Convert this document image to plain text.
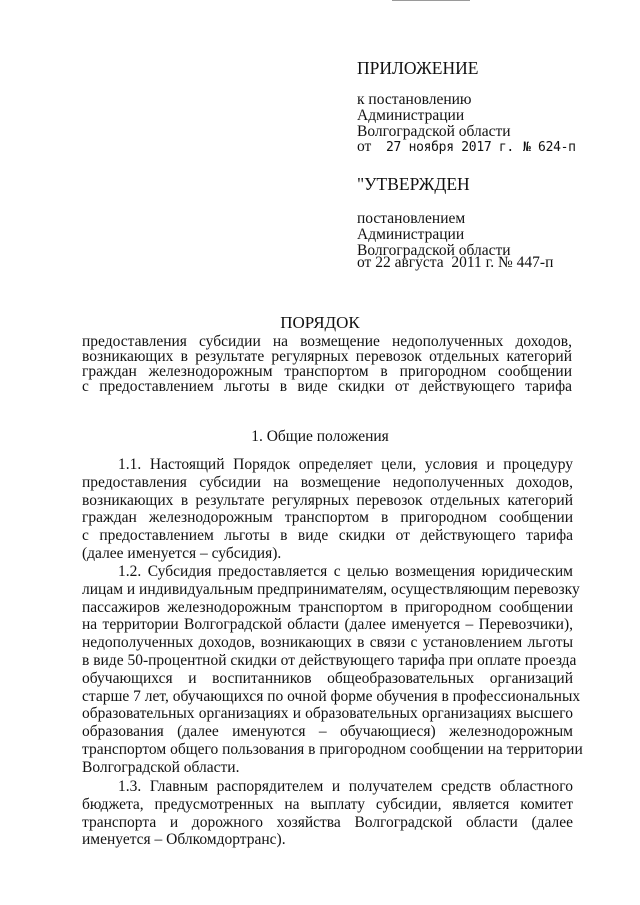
ПРИЛОЖЕНИЕ
к постановлению
Администрации
Волгоградской области
от 27 ноября 2017 г. № 624-п
"УТВЕРЖДЕН
постановлением
Администрации
Волгоградской области
от 22 августа  2011 г. № 447-п
ПОРЯДОК
предоставления субсидии на возмещение недополученных доходов,
возникающих в результате регулярных перевозок отдельных категорий
граждан железнодорожным транспортом в пригородном сообщении
с предоставлением льготы в виде скидки от действующего тарифа
1. Общие положения
1.1. Настоящий Порядок определяет цели, условия и процедуру
предоставления субсидии на возмещение недополученных доходов,
возникающих в результате регулярных перевозок отдельных категорий
граждан железнодорожным транспортом в пригородном сообщении
с предоставлением льготы в виде скидки от действующего тарифа
(далее именуется – субсидия).
1.2. Субсидия предоставляется с целью возмещения юридическим
лицам и индивидуальным предпринимателям, осуществляющим перевозку
пассажиров железнодорожным транспортом в пригородном сообщении
на территории Волгоградской области (далее именуется – Перевозчики),
недополученных доходов, возникающих в связи с установлением льготы
в виде 50-процентной скидки от действующего тарифа при оплате проезда
обучающихся и воспитанников общеобразовательных организаций
старше 7 лет, обучающихся по очной форме обучения в профессиональных
образовательных организациях и образовательных организациях высшего
образования (далее именуются – обучающиеся) железнодорожным
транспортом общего пользования в пригородном сообщении на территории
Волгоградской области.
1.3. Главным распорядителем и получателем средств областного
бюджета, предусмотренных на выплату субсидии, является комитет
транспорта и дорожного хозяйства Волгоградской области (далее
именуется – Облкомдортранс).
